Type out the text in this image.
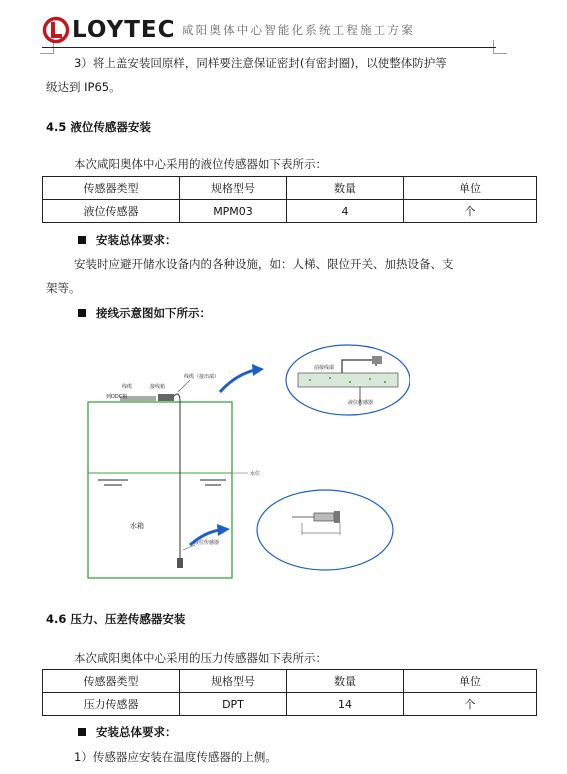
LOYTEC 咸阳奥体中心智能化系统工程施工方案
3）将上盖安装回原样，同样要注意保证密封(有密封圈)，以使整体防护等
级达到 IP65。
4.5 液位传感器安装
本次咸阳奥体中心采用的液位传感器如下表所示：
传感器类型	规格型号	数量	单位
液位传感器	MPM03	4	个
安装总体要求：
安装时应避开储水设备内的各种设施，如：人梯、限位开关、加热设备、支
架等。
接线示意图如下所示：
线缆	接线箱
到DDC箱
线缆（接出端）
水位
水箱
液位传感器
前接线端
液位传感器
4.6 压力、压差传感器安装
本次咸阳奥体中心采用的压力传感器如下表所示：
传感器类型	规格型号	数量	单位
压力传感器	DPT	14	个
安装总体要求：
1）传感器应安装在温度传感器的上侧。
